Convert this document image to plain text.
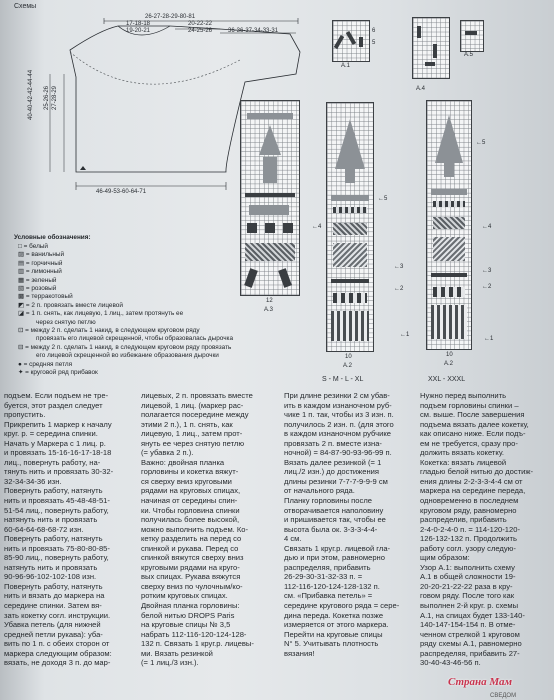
Схемы
26-27-28-29-80-81
17-18-18
19-20-21
20-22-22
24-25-26	36-36-37-34-33-31
40-40-42-42-44-44 25-26-26 27-28-29
46-49-53-60-64-71
A.1
A.4
A.5
6
5
12
A.3
10
A.2
S - M - L - XL
10
A.2
XXL - XXXL
←5
←4
←3
←2
←1
←5
←4
←3
←2
←1
Условные обозначения:
□ = белый
▨ = ванильный
▤ = горчичный
▥ = лимонный
▦ = зеленый
▧ = розовый
▩ = терракотовый
◩ = 2 п. провязать вместе лицевой
◪ = 1 п. снять, как лицевую, 1 лиц., затем протянуть ее
через снятую петлю
⊡ = между 2 п. сделать 1 накид, в следующем круговом ряду
провязать его лицевой скрещенной, чтобы образовалась дырочка
⊟ = между 2 п. сделать 1 накид, в следующем круговом ряду провязать
его лицевой скрещенной во избежание образования дырочки
● = средняя петля
✦ = круговой ряд прибавок
подъем. Если подъем не тре-
буется, этот раздел следует
пропустить.
Прикрепить 1 маркер к началу
круг. р. = середина спинки.
Начать у Маркера с 1 лиц. р.
и провязать 15-16-16-17-18-18
лиц., повернуть работу, на-
тянуть нить и провязать 30-32-
32-34-34-36 изн.
Повернуть работу, натянуть
нить и провязать 45-48-48-51-
51-54 лиц., повернуть работу,
натянуть нить и провязать
60-64-64-68-68-72 изн.
Повернуть работу, натянуть
нить и провязать 75-80-80-85-
85-90 лиц., повернуть работу,
натянуть нить и провязать
90-96-96-102-102-108 изн.
Повернуть работу, натянуть
нить и вязать до маркера на
середине спинки. Затем вя-
зать кокетку согл. инструкции.
Убавка петель (для нижней
средней петли рукава): уба-
вить по 1 п. с обеих сторон от
маркера следующим образом:
вязать, не доходя 3 п. до мар-
лицевых, 2 п. провязать вместе
лицевой, 1 лиц. (маркер рас-
полагается посередине между
этими 2 п.), 1 п. снять, как
лицевую, 1 лиц., затем прот-
януть ее через снятую петлю
(= убавка 2 п.).
Важно: двойная планка
горловины и кокетка вяжут-
ся сверху вниз круговыми
рядами на круговых спицах,
начиная от середины спин-
ки. Чтобы горловина спинки
получилась более высокой,
можно выполнить подъем. Ко-
кетку разделить на перед со
спинкой и рукава. Перед со
спинкой вяжутся сверху вниз
круговыми рядами на круго-
вых спицах. Рукава вяжутся
сверху вниз по чулочным/ко-
ротким круговых спицах.
Двойная планка горловины:
белой нитью DROPS Paris
на круговые спицы № 3,5
набрать 112-116-120-124-128-
132 п. Связать 1 круг.р. лицевы-
ми. Вязать резинкой
(= 1 лиц./3 изн.).
При длине резинки 2 см убав-
ить в каждом изнаночном руб-
чике 1 п. так, чтобы из 3 изн. п.
получилось 2 изн. п. (для этого
в каждом изнаночном рубчике
провязать 2 п. вместе изна-
ночной) = 84-87-90-93-96-99 п.
Вязать далее резинкой (= 1
лиц./2 изн.) до достижения
длины резинки 7-7-7-9-9-9 см
от начального ряда.
Планку горловины после
отворачивается наполовину
и пришивается так, чтобы ее
высота была ок. 3-3-3-4-4-
4 см.
Связать 1 круг.р. лицевой гла-
дью и при этом, равномерно
распределяя, прибавить
26-29-30-31-32-33 п. =
112-116-120-124-128-132 п.
см. «Прибавка петель» =
середине кругового ряда = сере-
дина переда. Кокетка позже
измеряется от этого маркера.
Перейти на круговые спицы
N° 5. Учитывать плотность
вязания!
Нужно перед выполнить
подъем горловины спинки –
см. выше. После завершения
подъема вязать далее кокетку,
как описано ниже. Если подъ-
ем не требуется, сразу про-
должить вязать кокетку.
Кокетка: вязать лицевой
гладью белой нитью до достиж-
ения длины 2-2-3-3-4-4 см от
маркера на середине переда,
одновременно в последнем
круговом ряду, равномерно
распределив, прибавить
2-4-0-2-4-0 п. = 114-120-120-
126-132-132 п. Продолжить
работу согл. узору следую-
щим образом:
Узор А.1: выполнить схему
А.1 в общей сложности 19-
20-20-21-22-22 раза в кру-
говом ряду. После того как
выполнен 2-й круг. р. схемы
А.1, на спицах будет 133-140-
140-147-154-154 п. В отме-
ченном стрелкой 1 круговом
ряду схемы А.1, равномерно
распределяя, прибавить 27-
30-40-43-46-56 п.
Страна Мам
СВЕДОМ
